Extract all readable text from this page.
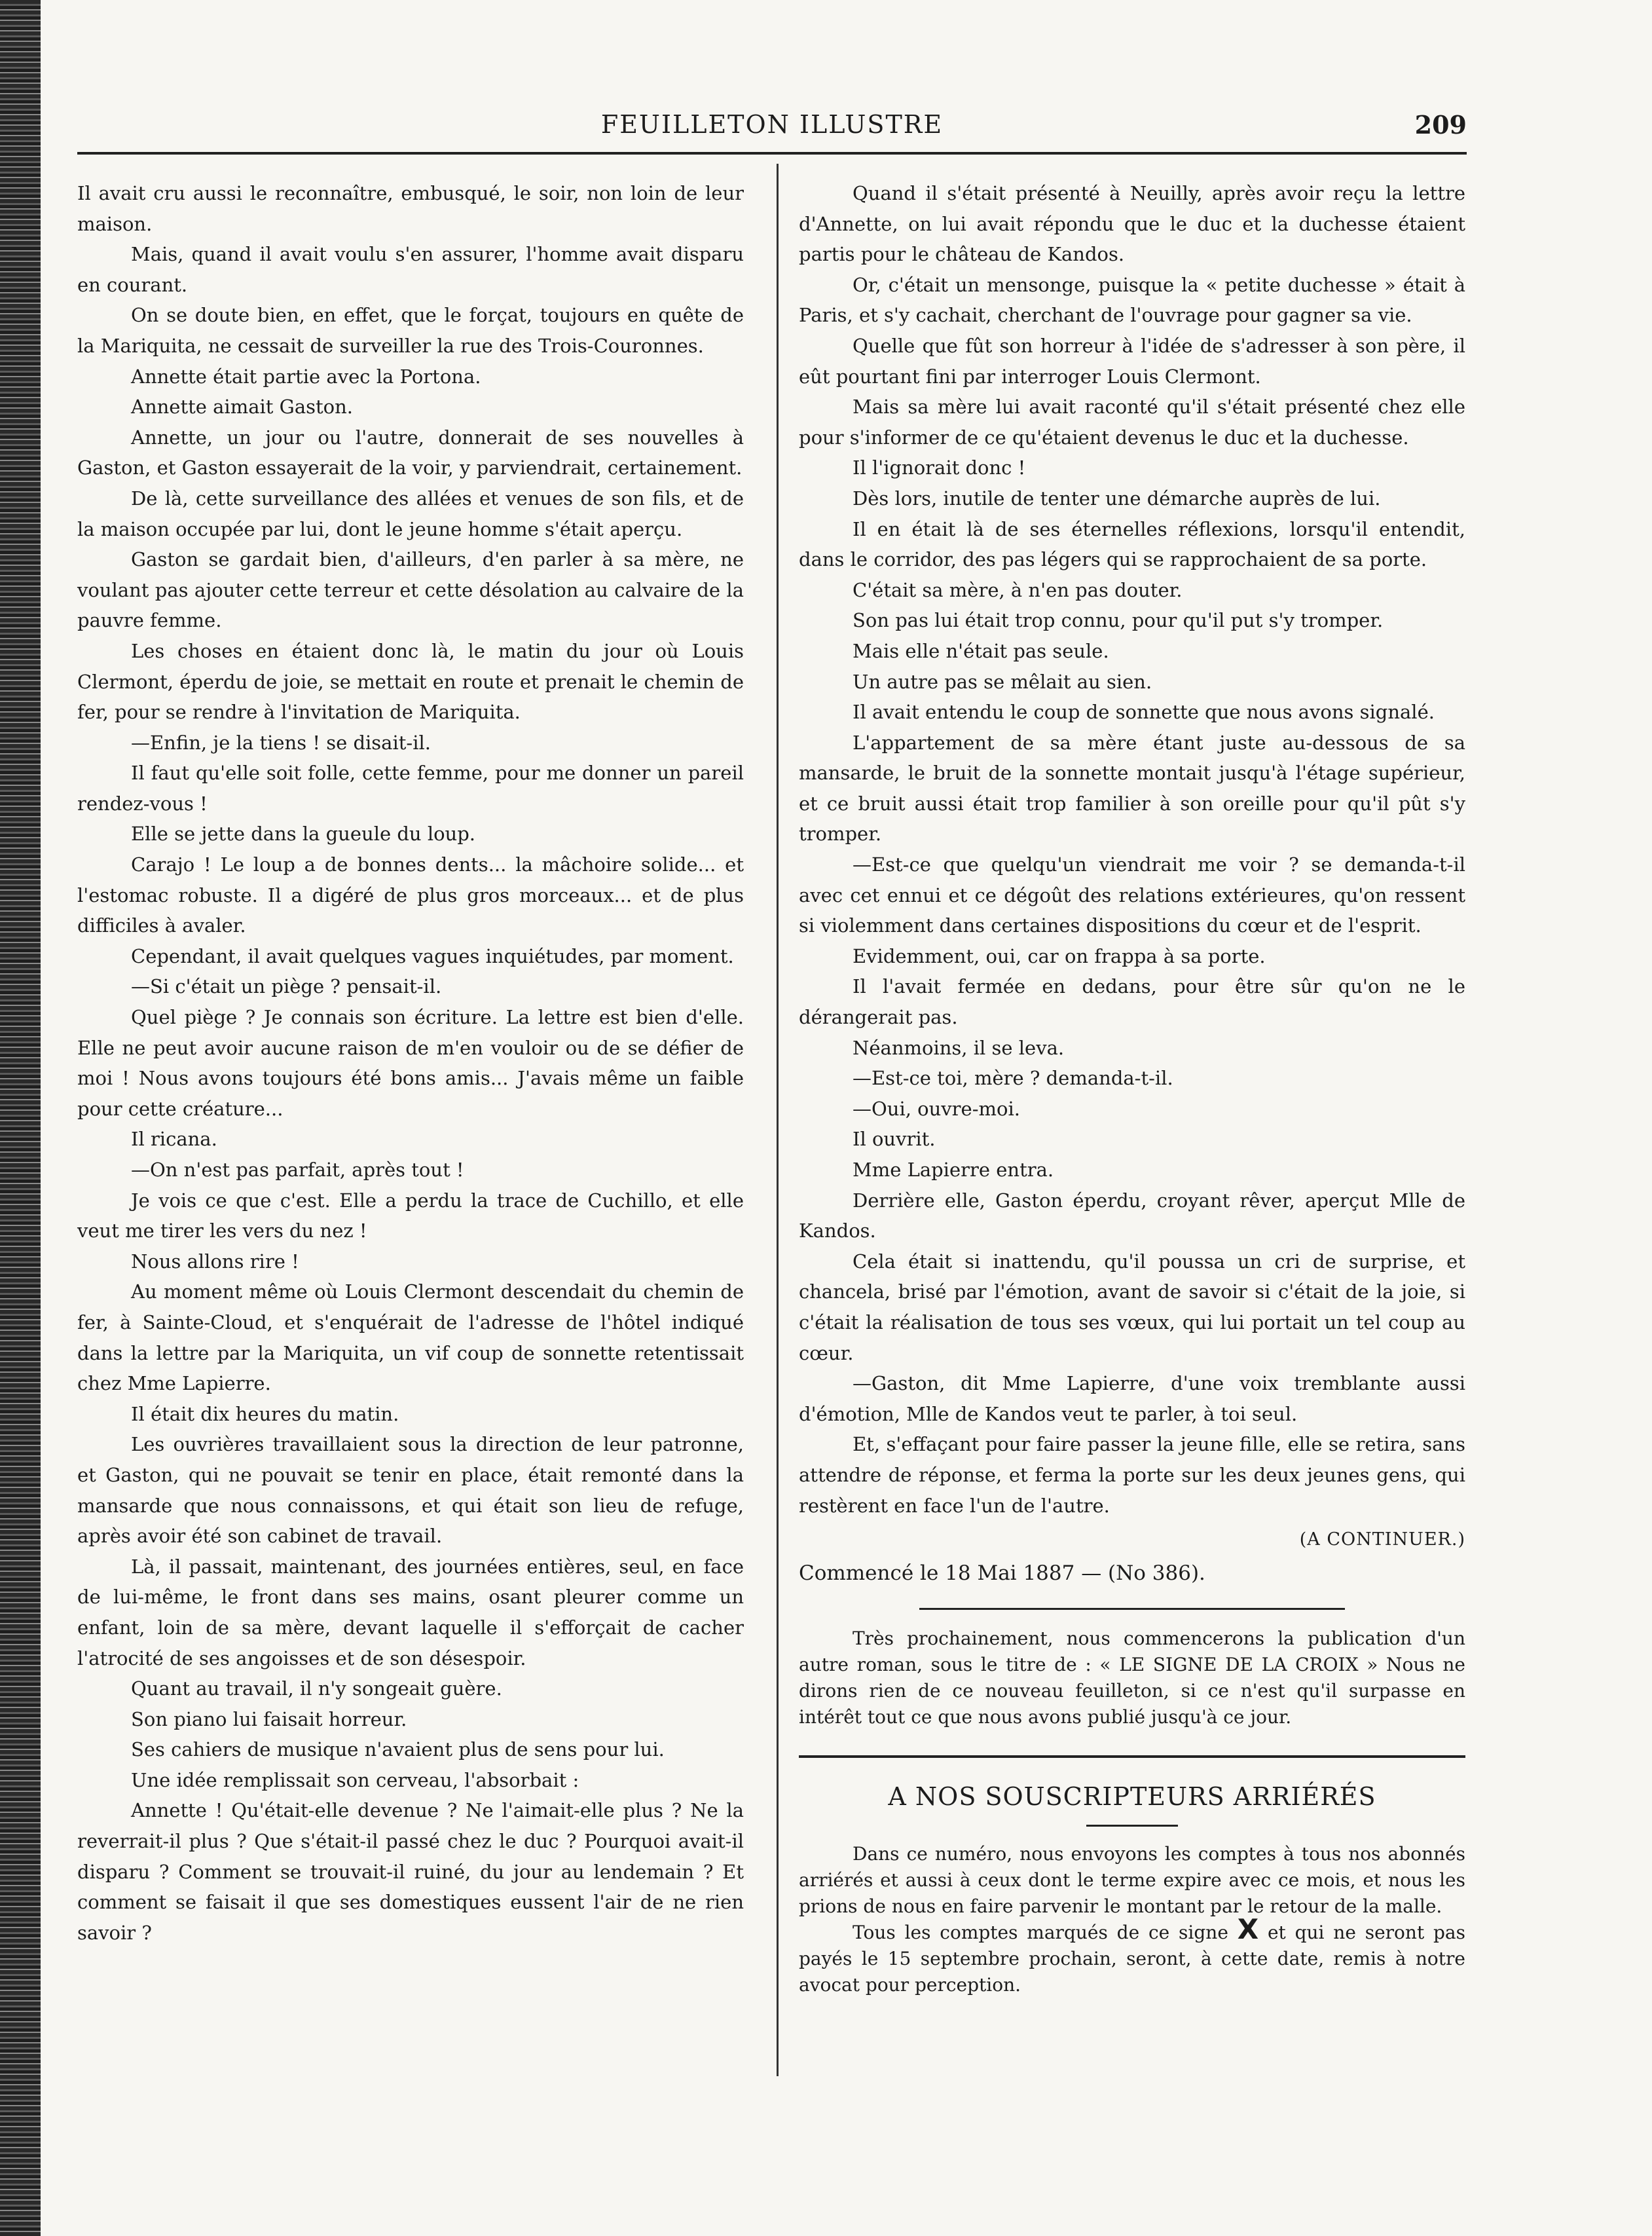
FEUILLETON ILLUSTRE	209

Il avait cru aussi le reconnaître, embusqué, le soir, non loin de leur maison.

Mais, quand il avait voulu s'en assurer, l'homme avait disparu en courant.

On se doute bien, en effet, que le forçat, toujours en quête de la Mariquita, ne cessait de surveiller la rue des Trois-Couronnes.

Annette était partie avec la Portona.

Annette aimait Gaston.

Annette, un jour ou l'autre, donnerait de ses nouvelles à Gaston, et Gaston essayerait de la voir, y parviendrait, certainement.

De là, cette surveillance des allées et venues de son fils, et de la maison occupée par lui, dont le jeune homme s'était aperçu.

Gaston se gardait bien, d'ailleurs, d'en parler à sa mère, ne voulant pas ajouter cette terreur et cette désolation au calvaire de la pauvre femme.

Les choses en étaient donc là, le matin du jour où Louis Clermont, éperdu de joie, se mettait en route et prenait le chemin de fer, pour se rendre à l'invitation de Mariquita.

—Enfin, je la tiens ! se disait-il.

Il faut qu'elle soit folle, cette femme, pour me donner un pareil rendez-vous !

Elle se jette dans la gueule du loup.

Carajo ! Le loup a de bonnes dents... la mâchoire solide... et l'estomac robuste. Il a digéré de plus gros morceaux... et de plus difficiles à avaler.

Cependant, il avait quelques vagues inquiétudes, par moment.

—Si c'était un piège ? pensait-il.

Quel piège ? Je connais son écriture. La lettre est bien d'elle. Elle ne peut avoir aucune raison de m'en vouloir ou de se défier de moi ! Nous avons toujours été bons amis... J'avais même un faible pour cette créature...

Il ricana.

—On n'est pas parfait, après tout !

Je vois ce que c'est. Elle a perdu la trace de Cuchillo, et elle veut me tirer les vers du nez !

Nous allons rire !

Au moment même où Louis Clermont descendait du chemin de fer, à Sainte-Cloud, et s'enquérait de l'adresse de l'hôtel indiqué dans la lettre par la Mariquita, un vif coup de sonnette retentissait chez Mme Lapierre.

Il était dix heures du matin.

Les ouvrières travaillaient sous la direction de leur patronne, et Gaston, qui ne pouvait se tenir en place, était remonté dans la mansarde que nous connaissons, et qui était son lieu de refuge, après avoir été son cabinet de travail.

Là, il passait, maintenant, des journées entières, seul, en face de lui-même, le front dans ses mains, osant pleurer comme un enfant, loin de sa mère, devant laquelle il s'efforçait de cacher l'atrocité de ses angoisses et de son désespoir.

Quant au travail, il n'y songeait guère.

Son piano lui faisait horreur.

Ses cahiers de musique n'avaient plus de sens pour lui.

Une idée remplissait son cerveau, l'absorbait :

Annette ! Qu'était-elle devenue ? Ne l'aimait-elle plus ? Ne la reverrait-il plus ? Que s'était-il passé chez le duc ? Pourquoi avait-il disparu ? Comment se trouvait-il ruiné, du jour au lendemain ? Et comment se faisait il que ses domestiques eussent l'air de ne rien savoir ?

Quand il s'était présenté à Neuilly, après avoir reçu la lettre d'Annette, on lui avait répondu que le duc et la duchesse étaient partis pour le château de Kandos.

Or, c'était un mensonge, puisque la « petite duchesse » était à Paris, et s'y cachait, cherchant de l'ouvrage pour gagner sa vie.

Quelle que fût son horreur à l'idée de s'adresser à son père, il eût pourtant fini par interroger Louis Clermont.

Mais sa mère lui avait raconté qu'il s'était présenté chez elle pour s'informer de ce qu'étaient devenus le duc et la duchesse.

Il l'ignorait donc !

Dès lors, inutile de tenter une démarche auprès de lui.

Il en était là de ses éternelles réflexions, lorsqu'il entendit, dans le corridor, des pas légers qui se rapprochaient de sa porte.

C'était sa mère, à n'en pas douter.

Son pas lui était trop connu, pour qu'il put s'y tromper.

Mais elle n'était pas seule.

Un autre pas se mêlait au sien.

Il avait entendu le coup de sonnette que nous avons signalé.

L'appartement de sa mère étant juste au-dessous de sa mansarde, le bruit de la sonnette montait jusqu'à l'étage supérieur, et ce bruit aussi était trop familier à son oreille pour qu'il pût s'y tromper.

—Est-ce que quelqu'un viendrait me voir ? se demanda-t-il avec cet ennui et ce dégoût des relations extérieures, qu'on ressent si violemment dans certaines dispositions du cœur et de l'esprit.

Evidemment, oui, car on frappa à sa porte.

Il l'avait fermée en dedans, pour être sûr qu'on ne le dérangerait pas.

Néanmoins, il se leva.

—Est-ce toi, mère ? demanda-t-il.

—Oui, ouvre-moi.

Il ouvrit.

Mme Lapierre entra.

Derrière elle, Gaston éperdu, croyant rêver, aperçut Mlle de Kandos.

Cela était si inattendu, qu'il poussa un cri de surprise, et chancela, brisé par l'émotion, avant de savoir si c'était de la joie, si c'était la réalisation de tous ses vœux, qui lui portait un tel coup au cœur.

—Gaston, dit Mme Lapierre, d'une voix tremblante aussi d'émotion, Mlle de Kandos veut te parler, à toi seul.

Et, s'effaçant pour faire passer la jeune fille, elle se retira, sans attendre de réponse, et ferma la porte sur les deux jeunes gens, qui restèrent en face l'un de l'autre.

(A CONTINUER.)
Commencé le 18 Mai 1887 — (No 386).

Très prochainement, nous commencerons la publication d'un autre roman, sous le titre de : « LE SIGNE DE LA CROIX » Nous ne dirons rien de ce nouveau feuilleton, si ce n'est qu'il surpasse en intérêt tout ce que nous avons publié jusqu'à ce jour.

A NOS SOUSCRIPTEURS ARRIÉRÉS

Dans ce numéro, nous envoyons les comptes à tous nos abonnés arriérés et aussi à ceux dont le terme expire avec ce mois, et nous les prions de nous en faire parvenir le montant par le retour de la malle.

Tous les comptes marqués de ce signe X et qui ne seront pas payés le 15 septembre prochain, seront, à cette date, remis à notre avocat pour perception.
